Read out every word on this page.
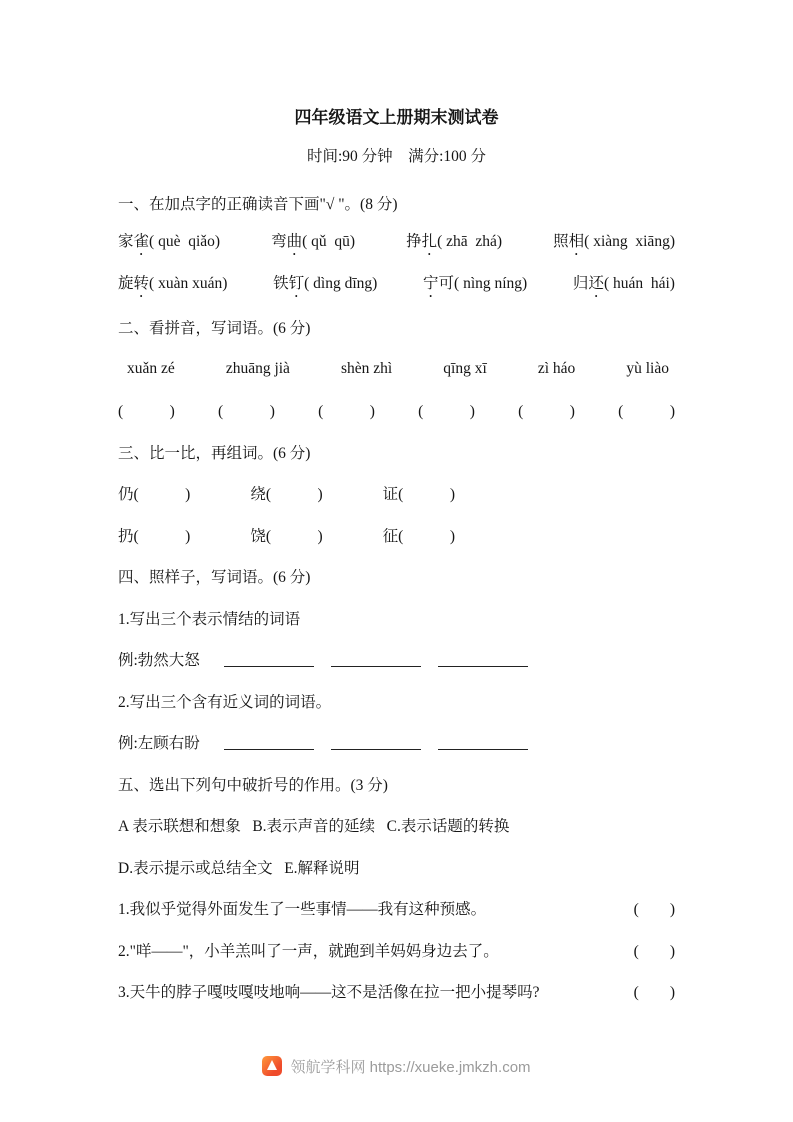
四年级语文上册期末测试卷
时间:90 分钟　满分:100 分
一、在加点字的正确读音下画"√ "。(8 分)
家雀( què  qiǎo)	弯曲( qǔ  qū)	挣扎( zhā  zhá)	照相( xiàng  xiāng)
旋转( xuàn xuán)	铁钉( dìng dīng)	宁可( nìng níng)	归还( huán  hái)
二、看拼音，写词语。(6 分)
xuǎn zé	zhuāng jià	shèn zhì	qīng xī	zì háo	yù liào
(　　　)	(　　　)	(　　　)	(　　　)	(　　　)	(　　　)
三、比一比，再组词。(6 分)
仍(　　　)	绕(　　　)	证(　　　)
扔(　　　)	饶(　　　)	征(　　　)
四、照样子，写词语。(6 分)
1.写出三个表示情结的词语
例:勃然大怒
2.写出三个含有近义词的词语。
例:左顾右盼
五、选出下列句中破折号的作用。(3 分)
A 表示联想和想象   B.表示声音的延续   C.表示话题的转换
D.表示提示或总结全文   E.解释说明
1.我似乎觉得外面发生了一些事情——我有这种预感。	(　　)
2."咩——"，小羊羔叫了一声，就跑到羊妈妈身边去了。	(　　)
3.天牛的脖子嘎吱嘎吱地响——这不是活像在拉一把小提琴吗?	(　　)
领航学科网 https://xueke.jmkzh.com
